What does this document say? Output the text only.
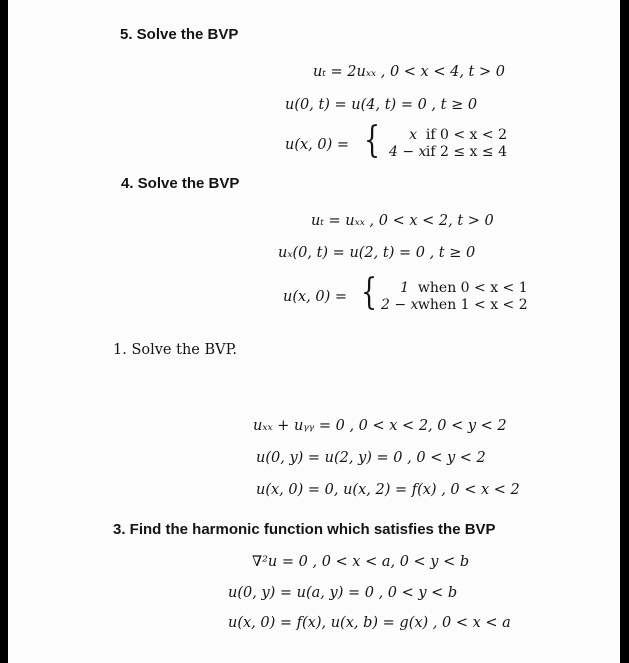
5. Solve the BVP
uₜ = 2uₓₓ , 0 < x < 4, t > 0
u(0, t) = u(4, t) = 0 , t ≥ 0
u(x, 0) = {	x if 0 < x < 2
4 − x  if 2 ≤ x ≤ 4
4. Solve the BVP
uₜ = uₓₓ , 0 < x < 2, t > 0
uₓ(0, t) = u(2, t) = 0 , t ≥ 0
u(x, 0) = {	1 when 0 < x < 1
2 − x  when 1 < x < 2
1. Solve the BVP.
uₓₓ + uᵧᵧ = 0 , 0 < x < 2, 0 < y < 2
u(0, y) = u(2, y) = 0 , 0 < y < 2
u(x, 0) = 0, u(x, 2) = f(x) , 0 < x < 2
3. Find the harmonic function which satisfies the BVP
∇²u = 0 , 0 < x < a, 0 < y < b
u(0, y) = u(a, y) = 0 , 0 < y < b
u(x, 0) = f(x), u(x, b) = g(x) , 0 < x < a
